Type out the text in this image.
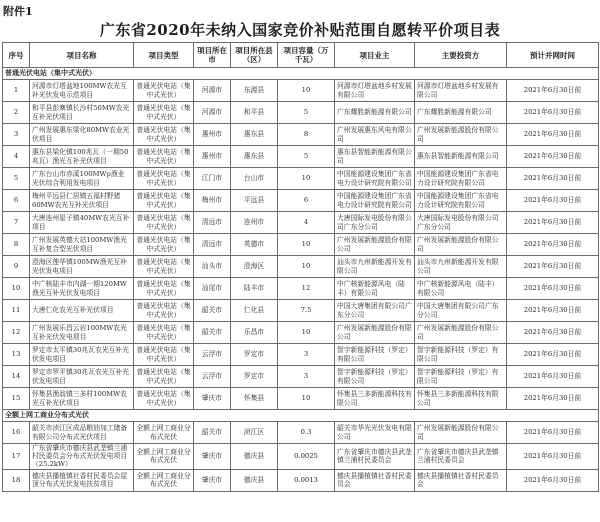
附件1
广东省2020年未纳入国家竞价补贴范围自愿转平价项目表
序号	项目名称	项目类型	项目所在市	项目所在县（区）	项目容量（万千瓦）	项目业主	主要投资方	预计并网时间
普通光伏电站（集中式光伏）								
1	河源市灯塔盆地100MW农光互补光伏发电示范项目	普通光伏电站（集中式光伏）	河源市	东源县	10	河源市灯塔盆地乡村发展有限公司	河源市灯塔盆地乡村发展有限公司	2021年6月30日前
2	和平县彭寨镇长沙村50MW农光互补光伏项目	普通光伏电站（集中式光伏）	河源市	和平县	5	广东耀胜新能源有限公司	广东耀胜新能源有限公司	2021年6月30日前
3	广州发展惠东梁化80MW农业光伏项目	普通光伏电站（集中式光伏）	惠州市	惠东县	8	广州发展惠东风电有限公司	广州发展新能源股份有限公司	2021年6月30日前
4	惠东县梁化镇100兆瓦（一期50兆瓦）渔光互补光伏项目	普通光伏电站（集中式光伏）	惠州市	惠东县	5	惠东县智能新能源有限公司	惠东县智能新能源有限公司	2021年6月30日前
5	广东台山市赤溪100MWp渔业光伏综合利用发电项目	普通光伏电站（集中式光伏）	江门市	台山市	10	中国能源建设集团广东省电力设计研究院有限公司	中国能源建设集团广东省电力设计研究院有限公司	2021年6月30日前
6	梅州平远县仁居镇五福村野猪60MW农光互补光伏项目	普通光伏电站（集中式光伏）	梅州市	平远县	6	中国能源建设集团广东省电力设计研究院有限公司	中国能源建设集团广东省电力设计研究院有限公司	2021年6月30日前
7	大唐连州星子镇40MW农光互补项目	普通光伏电站（集中式光伏）	清远市	连州市	4	大唐国际发电股份有限公司广东分公司	大唐国际发电股份有限公司广东分公司	2021年6月30日前
8	广州发展英德大站100MW渔光互补复合型光伏项目	普通光伏电站（集中式光伏）	清远市	英德市	10	广州发展新能源股份有限公司	广州发展新能源股份有限公司	2021年6月30日前
9	澄海区莲华镇100MW渔光互补光伏发电项目	普通光伏电站（集中式光伏）	汕头市	澄海区	10	汕头市九州新能源开发有限公司	汕头市九州新能源开发有限公司	2021年6月30日前
10	中广核陆丰市内湖一期120MW渔光互补光伏发电项目	普通光伏电站（集中式光伏）	汕尾市	陆丰市	12	中广核新能源风电（陆丰）有限公司	中广核新能源风电（陆丰）有限公司	2021年6月30日前
11	大唐仁化农光互补光伏项目	普通光伏电站（集中式光伏）	韶关市	仁化县	7.5	中国大唐集团有限公司广东分公司	中国大唐集团有限公司广东分公司	2021年6月30日前
12	广州发展乐昌云岩100MW农光互补光伏发电项目	普通光伏电站（集中式光伏）	韶关市	乐昌市	10	广州发展新能源股份有限公司	广州发展新能源股份有限公司	2021年6月30日前
13	罗定市太平镇30兆瓦农光互补光伏发电项目	普通光伏电站（集中式光伏）	云浮市	罗定市	3	智宇新能源科技（罗定）有限公司	智宇新能源科技（罗定）有限公司	2021年6月30日前
14	罗定市罗平镇30兆瓦农光互补光伏发电项目	普通光伏电站（集中式光伏）	云浮市	罗定市	3	智宇新能源科技（罗定）有限公司	智宇新能源科技（罗定）有限公司	2021年6月30日前
15	怀集县渔翁镇三多村100MW农光互补光伏项目	普通光伏电站（集中式光伏）	肇庆市	怀集县	10	怀集县三多新能源科技有限公司	怀集县三多新能源科技有限公司	2021年6月30日前
全额上网工商业分布式光伏								
16	韶关市浈江区成品粮油加工储备有限公司分布式光伏项目	全额上网工商业分布式光伏	韶关市	浈江区	0.3	韶关市华光光伏发电有限公司	广州发展新能源股份有限公司	2021年6月30日前
17	广东省肇庆市德庆县武垄镇兰浦村民委员会分布式光伏发电项目（25.2kW）	全额上网工商业分布式光伏	肇庆市	德庆县	0.0025	广东省肇庆市德庆县武垄镇兰浦村民委员会	广东省肇庆市德庆县武垄镇兰浦村民委员会	2021年6月30日前
18	德庆县播植镇社香村民委员会屋顶分布式光伏发电扶贫项目	全额上网工商业分布式光伏	肇庆市	德庆县	0.0013	德庆县播植镇社香村民委员会	德庆县播植镇社香村民委员会	2021年6月30日前
